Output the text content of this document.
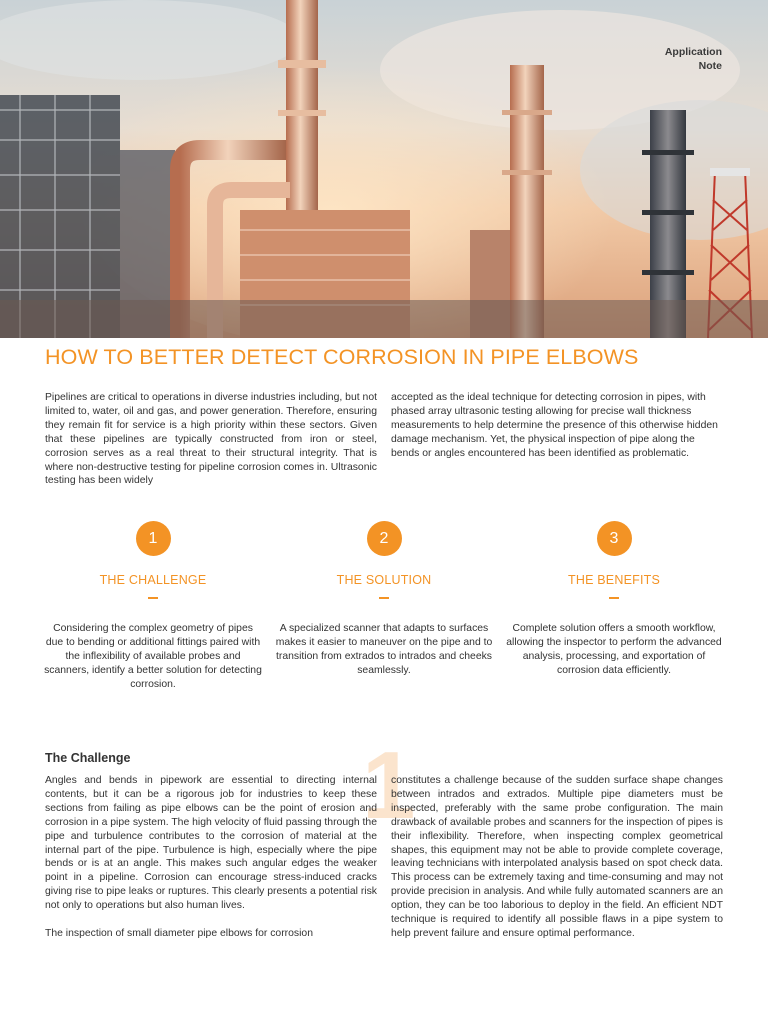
Application
Note
HOW TO BETTER DETECT CORROSION IN PIPE ELBOWS
Pipelines are critical to operations in diverse industries including, but not limited to, water, oil and gas, and power generation. Therefore, ensuring they remain fit for service is a high priority within these sectors. Given that these pipelines are typically constructed from iron or steel, corrosion serves as a real threat to their structural integrity. That is where non-destructive testing for pipeline corrosion comes in. Ultrasonic testing has been widely
accepted as the ideal technique for detecting corrosion in pipes, with phased array ultrasonic testing allowing for precise wall thickness measurements to help determine the presence of this otherwise hidden damage mechanism. Yet, the physical inspection of pipe along the bends or angles encountered has been identified as problematic.
1
THE CHALLENGE
Considering the complex geometry of pipes due to bending or additional fittings paired with the inflexibility of available probes and scanners, identify a better solution for detecting corrosion.
2
THE SOLUTION
A specialized scanner that adapts to surfaces makes it easier to maneuver on the pipe and to transition from extrados to intrados and cheeks seamlessly.
3
THE BENEFITS
Complete solution offers a smooth workflow, allowing the inspector to perform the advanced analysis, processing, and exportation of corrosion data efficiently.
The Challenge 1

Angles and bends in pipework are essential to directing internal contents, but it can be a rigorous job for industries to keep these sections from failing as pipe elbows can be the point of erosion and corrosion in a pipe system. The high velocity of fluid passing through the pipe and turbulence contributes to the corrosion of material at the internal part of the pipe. Turbulence is high, especially where the pipe bends or is at an angle. This makes such angular edges the weaker point in a pipeline. Corrosion can encourage stress-induced cracks giving rise to pipe leaks or ruptures. This clearly presents a potential risk not only to operations but also human lives.

The inspection of small diameter pipe elbows for corrosion

constitutes a challenge because of the sudden surface shape changes between intrados and extrados. Multiple pipe diameters must be inspected, preferably with the same probe configuration. The main drawback of available probes and scanners for the inspection of pipes is their inflexibility. Therefore, when inspecting complex geometrical shapes, this equipment may not be able to provide complete coverage, leaving technicians with interpolated analysis based on spot check data. This process can be extremely taxing and time-consuming and may not provide precision in analysis. And while fully automated scanners are an option, they can be too laborious to deploy in the field. An efficient NDT technique is required to identify all possible flaws in a pipe system to help prevent failure and ensure optimal performance.
